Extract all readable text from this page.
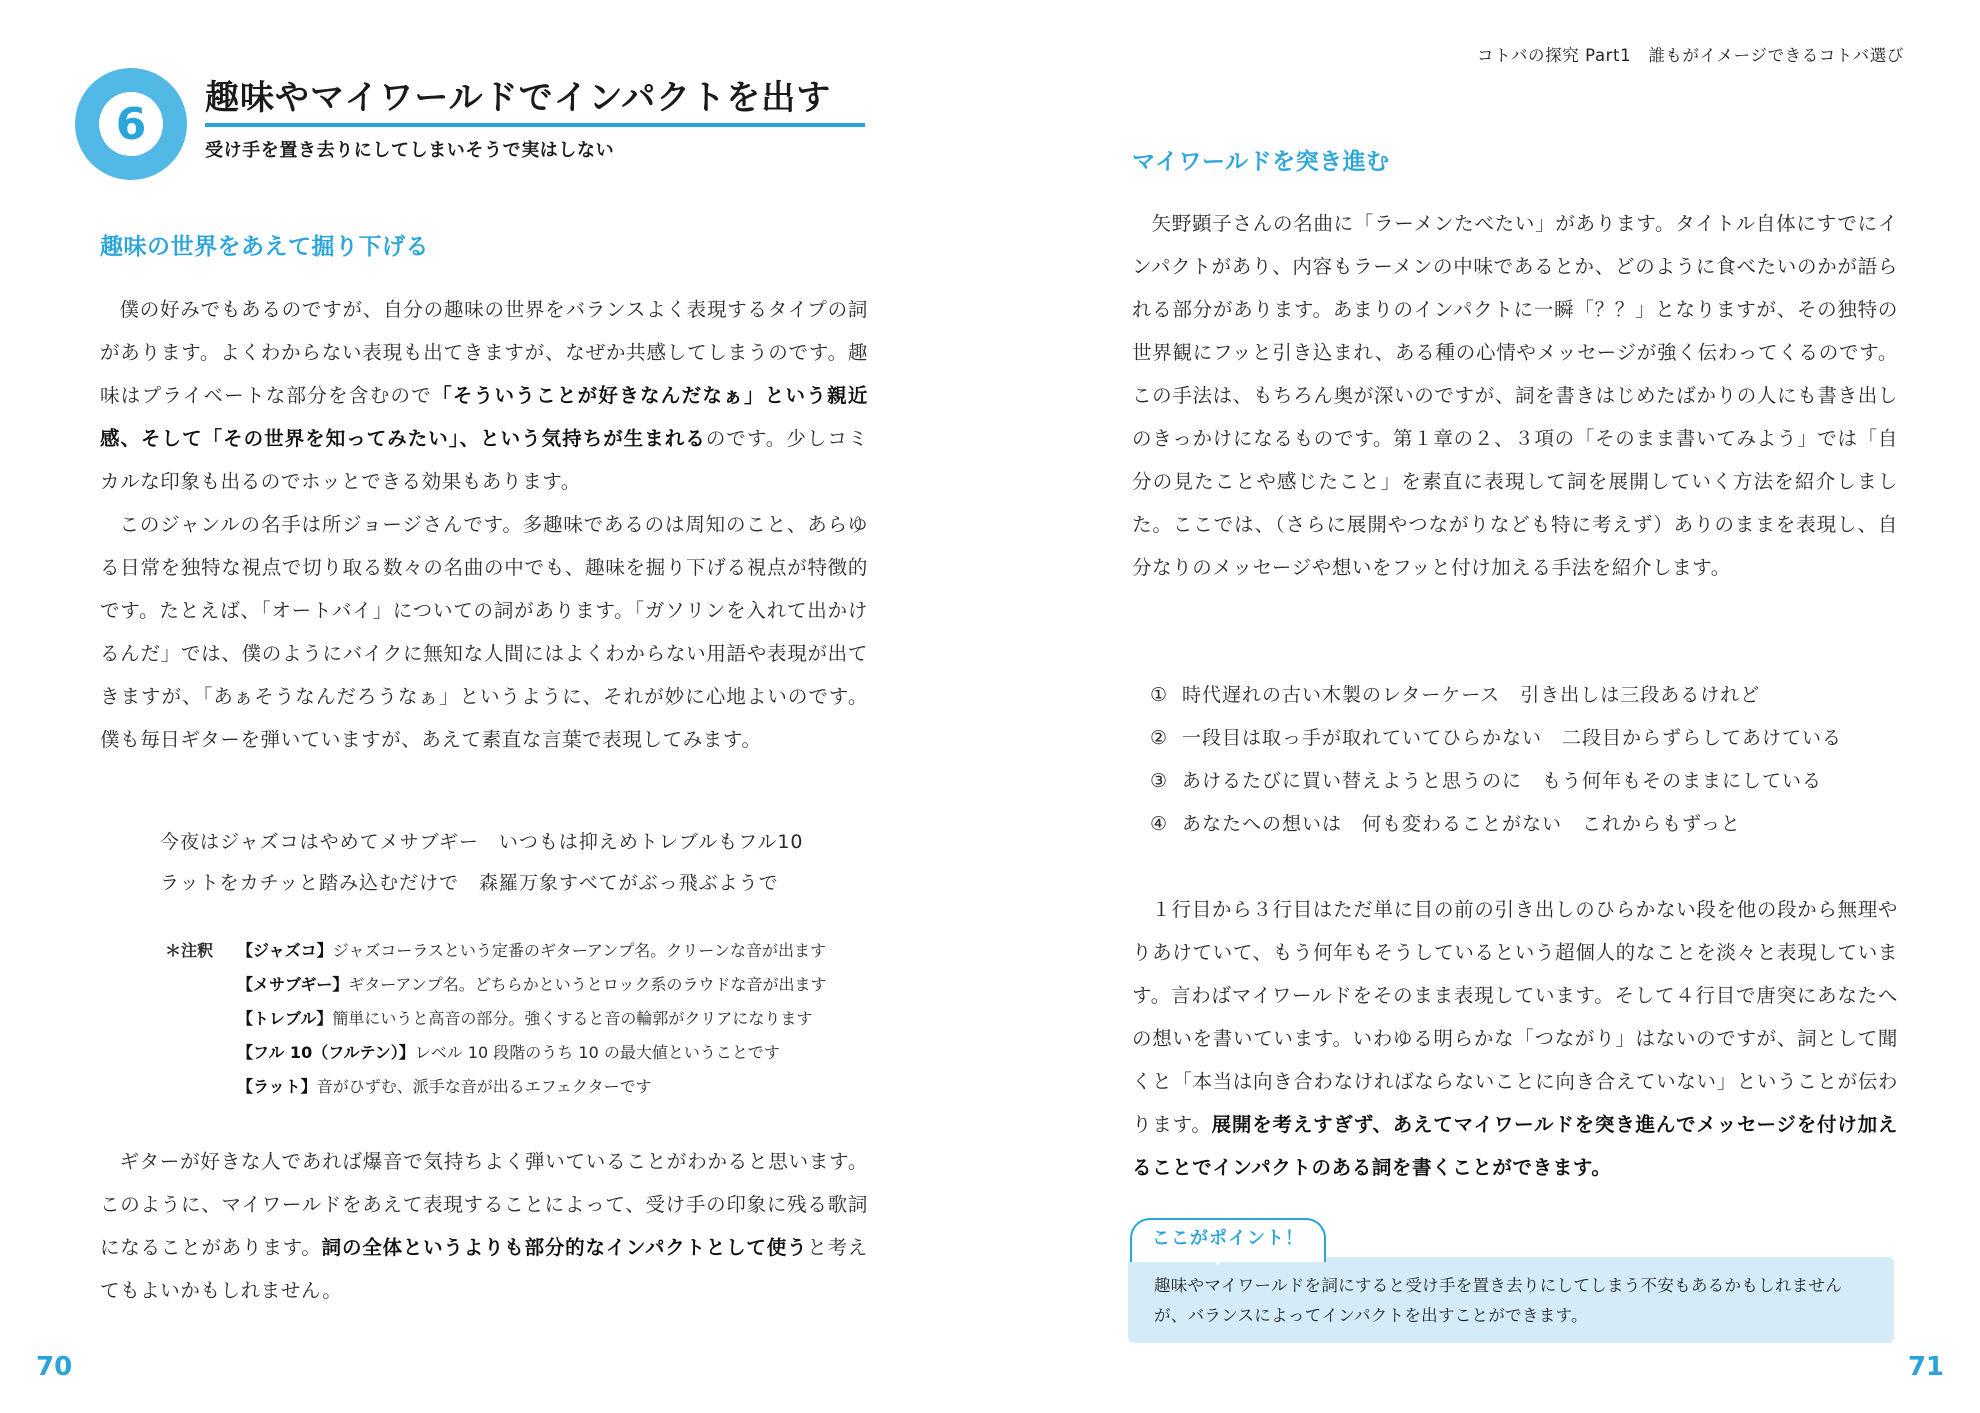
6
趣味やマイワールドでインパクトを出す
受け手を置き去りにしてしまいそうで実はしない
趣味の世界をあえて掘り下げる

僕の好みでもあるのですが、自分の趣味の世界をバランスよく表現するタイプの詞があります。よくわからない表現も出てきますが、なぜか共感してしまうのです。趣味はプライベートな部分を含むので「そういうことが好きなんだなぁ」という親近感、そして「その世界を知ってみたい」、という気持ちが生まれるのです。少しコミカルな印象も出るのでホッとできる効果もあります。

このジャンルの名手は所ジョージさんです。多趣味であるのは周知のこと、あらゆる日常を独特な視点で切り取る数々の名曲の中でも、趣味を掘り下げる視点が特徴的です。たとえば、「オートバイ」についての詞があります。「ガソリンを入れて出かけるんだ」では、僕のようにバイクに無知な人間にはよくわからない用語や表現が出てきますが、「あぁそうなんだろうなぁ」というように、それが妙に心地よいのです。僕も毎日ギターを弾いていますが、あえて素直な言葉で表現してみます。

今夜はジャズコはやめてメサブギー　いつもは抑えめトレブルもフル10
ラットをカチッと踏み込むだけで　森羅万象すべてがぶっ飛ぶようで
＊注釈	【ジャズコ】ジャズコーラスという定番のギターアンプ名。クリーンな音が出ます
【メサブギー】ギターアンプ名。どちらかというとロック系のラウドな音が出ます
【トレブル】簡単にいうと高音の部分。強くすると音の輪郭がクリアになります
【フル 10（フルテン）】レベル 10 段階のうち 10 の最大値ということです
【ラット】音がひずむ、派手な音が出るエフェクターです

ギターが好きな人であれば爆音で気持ちよく弾いていることがわかると思います。このように、マイワールドをあえて表現することによって、受け手の印象に残る歌詞になることがあります。詞の全体というよりも部分的なインパクトとして使うと考えてもよいかもしれません。

70
コトバの探究 Part1　誰もがイメージできるコトバ選び
マイワールドを突き進む

矢野顕子さんの名曲に「ラーメンたべたい」があります。タイトル自体にすでにインパクトがあり、内容もラーメンの中味であるとか、どのように食べたいのかが語られる部分があります。あまりのインパクトに一瞬「？？」となりますが、その独特の世界観にフッと引き込まれ、ある種の心情やメッセージが強く伝わってくるのです。この手法は、もちろん奥が深いのですが、詞を書きはじめたばかりの人にも書き出しのきっかけになるものです。第１章の２、３項の「そのまま書いてみよう」では「自分の見たことや感じたこと」を素直に表現して詞を展開していく方法を紹介しました。ここでは、（さらに展開やつながりなども特に考えず）ありのままを表現し、自分なりのメッセージや想いをフッと付け加える手法を紹介します。

① 時代遅れの古い木製のレターケース　引き出しは三段あるけれど
② 一段目は取っ手が取れていてひらかない　二段目からずらしてあけている
③ あけるたびに買い替えようと思うのに　もう何年もそのままにしている
④ あなたへの想いは　何も変わることがない　これからもずっと

１行目から３行目はただ単に目の前の引き出しのひらかない段を他の段から無理やりあけていて、もう何年もそうしているという超個人的なことを淡々と表現しています。言わばマイワールドをそのまま表現しています。そして４行目で唐突にあなたへの想いを書いています。いわゆる明らかな「つながり」はないのですが、詞として聞くと「本当は向き合わなければならないことに向き合えていない」ということが伝わります。展開を考えすぎず、あえてマイワールドを突き進んでメッセージを付け加えることでインパクトのある詞を書くことができます。

趣味やマイワールドを詞にすると受け手を置き去りにしてしまう不安もあるかもしれませんが、バランスによってインパクトを出すことができます。
ここがポイント！
71
